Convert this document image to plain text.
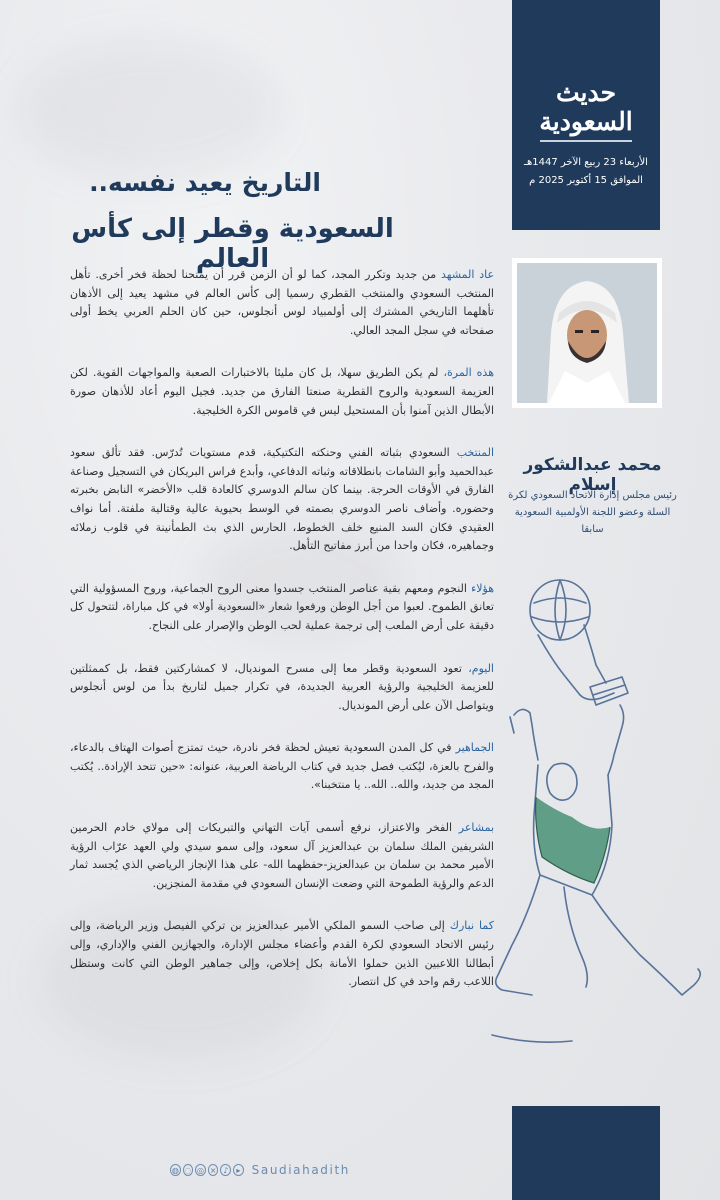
حديث السعودية
الأربعاء 23 ربيع الآخر 1447هـ
الموافق 15 أكتوبر 2025 م
التاريخ يعيد نفسه..
السعودية وقطر إلى كأس العالم
محمد عبدالشكور إسلام
رئيس مجلس إدارة الاتحاد السعودي لكرة السلة وعضو اللجنة الأولمبية السعودية سابقا

عاد المشهد من جديد وتكرر المجد، كما لو أن الزمن قرر أن يمنحنا لحظة فخر أخرى. تأهل المنتخب السعودي والمنتخب القطري رسميا إلى كأس العالم في مشهد يعيد إلى الأذهان تأهلهما التاريخي المشترك إلى أولمبياد لوس أنجلوس، حين كان الحلم العربي يخط أولى صفحاته في سجل المجد العالي.

هذه المرة، لم يكن الطريق سهلا، بل كان مليئا بالاختبارات الصعبة والمواجهات القوية. لكن العزيمة السعودية والروح القطرية صنعتا الفارق من جديد. فجيل اليوم أعاد للأذهان صورة الأبطال الذين آمنوا بأن المستحيل ليس في قاموس الكرة الخليجية.

المنتخب السعودي بثباته الفني وحنكته التكتيكية، قدم مستويات تُدرّس. فقد تألق سعود عبدالحميد وأبو الشامات بانطلاقاته وثباته الدفاعي، وأبدع فراس البريكان في التسجيل وصناعة الفارق في الأوقات الحرجة. بينما كان سالم الدوسري كالعادة قلب «الأخضر» النابض بخبرته وحضوره. وأضاف ناصر الدوسري بصمته في الوسط بحيوية عالية وقتالية ملفتة. أما نواف العقيدي فكان السد المنيع خلف الخطوط، الحارس الذي بث الطمأنينة في قلوب زملائه وجماهيره، فكان واحدا من أبرز مفاتيح التأهل.

هؤلاء النجوم ومعهم بقية عناصر المنتخب جسدوا معنى الروح الجماعية، وروح المسؤولية التي تعانق الطموح. لعبوا من أجل الوطن ورفعوا شعار «السعودية أولا» في كل مباراة، لتتحول كل دقيقة على أرض الملعب إلى ترجمة عملية لحب الوطن والإصرار على النجاح.

اليوم، تعود السعودية وقطر معا إلى مسرح المونديال، لا كمشاركتين فقط، بل كممثلتين للعزيمة الخليجية والرؤية العربية الجديدة، في تكرار جميل لتاريخ بدأ من لوس أنجلوس ويتواصل الآن على أرض المونديال.

الجماهير في كل المدن السعودية تعيش لحظة فخر نادرة، حيث تمتزج أصوات الهتاف بالدعاء، والفرح بالعزة، ليُكتب فصل جديد في كتاب الرياضة العربية، عنوانه: «حين تتحد الإرادة.. يُكتب المجد من جديد، والله.. الله.. يا منتخبنا».

بمشاعر الفخر والاعتزاز، نرفع أسمى آيات التهاني والتبريكات إلى مولاي خادم الحرمين الشريفين الملك سلمان بن عبدالعزيز آل سعود، وإلى سمو سيدي ولي العهد عرّاب الرؤية الأمير محمد بن سلمان بن عبدالعزيز-حفظهما الله- على هذا الإنجاز الرياضي الذي يُجسد ثمار الدعم والرؤية الطموحة التي وضعت الإنسان السعودي في مقدمة المنجزين.

كما نبارك إلى صاحب السمو الملكي الأمير عبدالعزيز بن تركي الفيصل وزير الرياضة، وإلى رئيس الاتحاد السعودي لكرة القدم وأعضاء مجلس الإدارة، والجهازين الفني والإداري، وإلى أبطالنا اللاعبين الذين حملوا الأمانة بكل إخلاص، وإلى جماهير الوطن التي كانت وستظل اللاعب رقم واحد في كل انتصار.

◍ ◌ ◎ × ♪	▸ Saudiahadith
